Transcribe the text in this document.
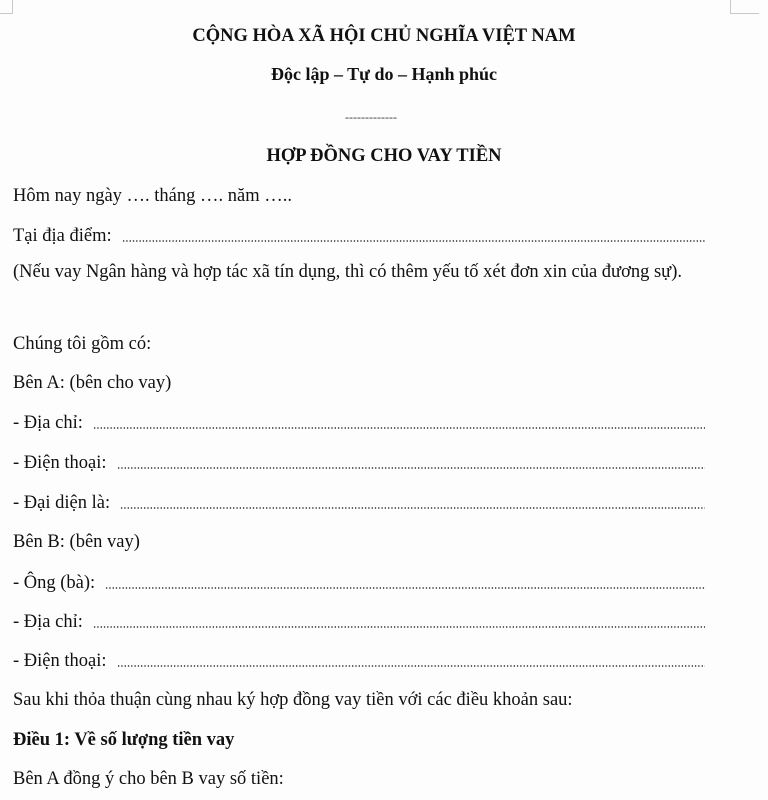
CỘNG HÒA XÃ HỘI CHỦ NGHĨA VIỆT NAM
Độc lập – Tự do – Hạnh phúc
-------------
HỢP ĐỒNG CHO VAY TIỀN
Hôm nay ngày …. tháng …. năm …..
Tại địa điểm:
(Nếu vay Ngân hàng và hợp tác xã tín dụng, thì có thêm yếu tố xét đơn xin của đương sự).
Chúng tôi gồm có:
Bên A: (bên cho vay)
- Địa chỉ:
- Điện thoại:
- Đại diện là:
Bên B: (bên vay)
- Ông (bà):
- Địa chỉ:
- Điện thoại:
Sau khi thỏa thuận cùng nhau ký hợp đồng vay tiền với các điều khoản sau:
Điều 1: Về số lượng tiền vay
Bên A đồng ý cho bên B vay số tiền:
